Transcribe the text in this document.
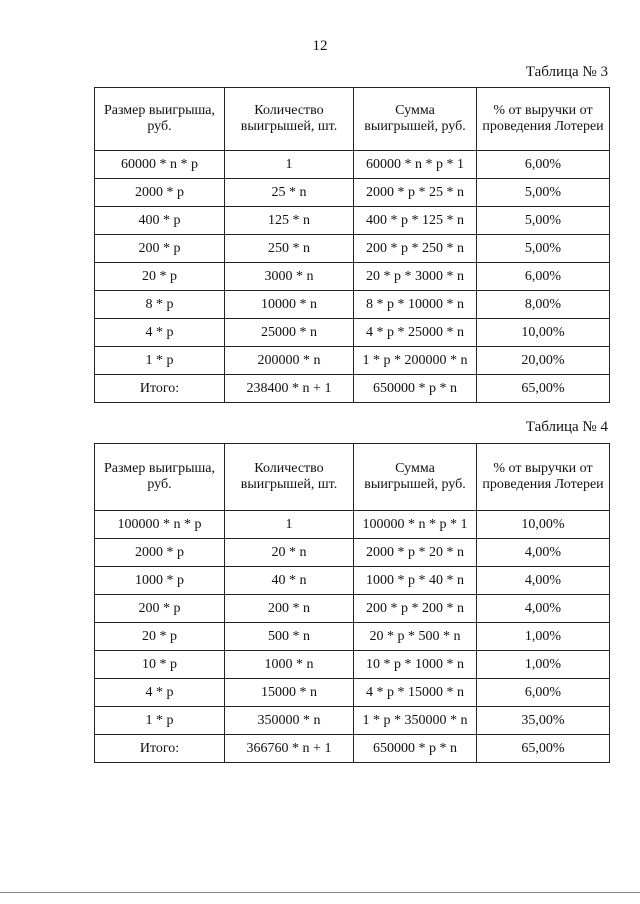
12
Таблица № 3
Размер выигрыша, руб.	Количество выигрышей, шт.	Сумма выигрышей, руб.	% от выручки от проведения Лотереи
60000 * n * p	1	60000 * n * p * 1	6,00%
2000 * p	25 * n	2000 * p * 25 * n	5,00%
400 * p	125 * n	400 * p * 125 * n	5,00%
200 * p	250 * n	200 * p * 250 * n	5,00%
20 * p	3000 * n	20 * p * 3000 * n	6,00%
8 * p	10000 * n	8 * p * 10000 * n	8,00%
4 * p	25000 * n	4 * p * 25000 * n	10,00%
1 * p	200000 * n	1 * p * 200000 * n	20,00%
Итого:	238400 * n + 1	650000 * p * n	65,00%
Таблица № 4
Размер выигрыша, руб.	Количество выигрышей, шт.	Сумма выигрышей, руб.	% от выручки от проведения Лотереи
100000 * n * p	1	100000 * n * p * 1	10,00%
2000 * p	20 * n	2000 * p * 20 * n	4,00%
1000 * p	40 * n	1000 * p * 40 * n	4,00%
200 * p	200 * n	200 * p * 200 * n	4,00%
20 * p	500 * n	20 * p * 500 * n	1,00%
10 * p	1000 * n	10 * p * 1000 * n	1,00%
4 * p	15000 * n	4 * p * 15000 * n	6,00%
1 * p	350000 * n	1 * p * 350000 * n	35,00%
Итого:	366760 * n + 1	650000 * p * n	65,00%
